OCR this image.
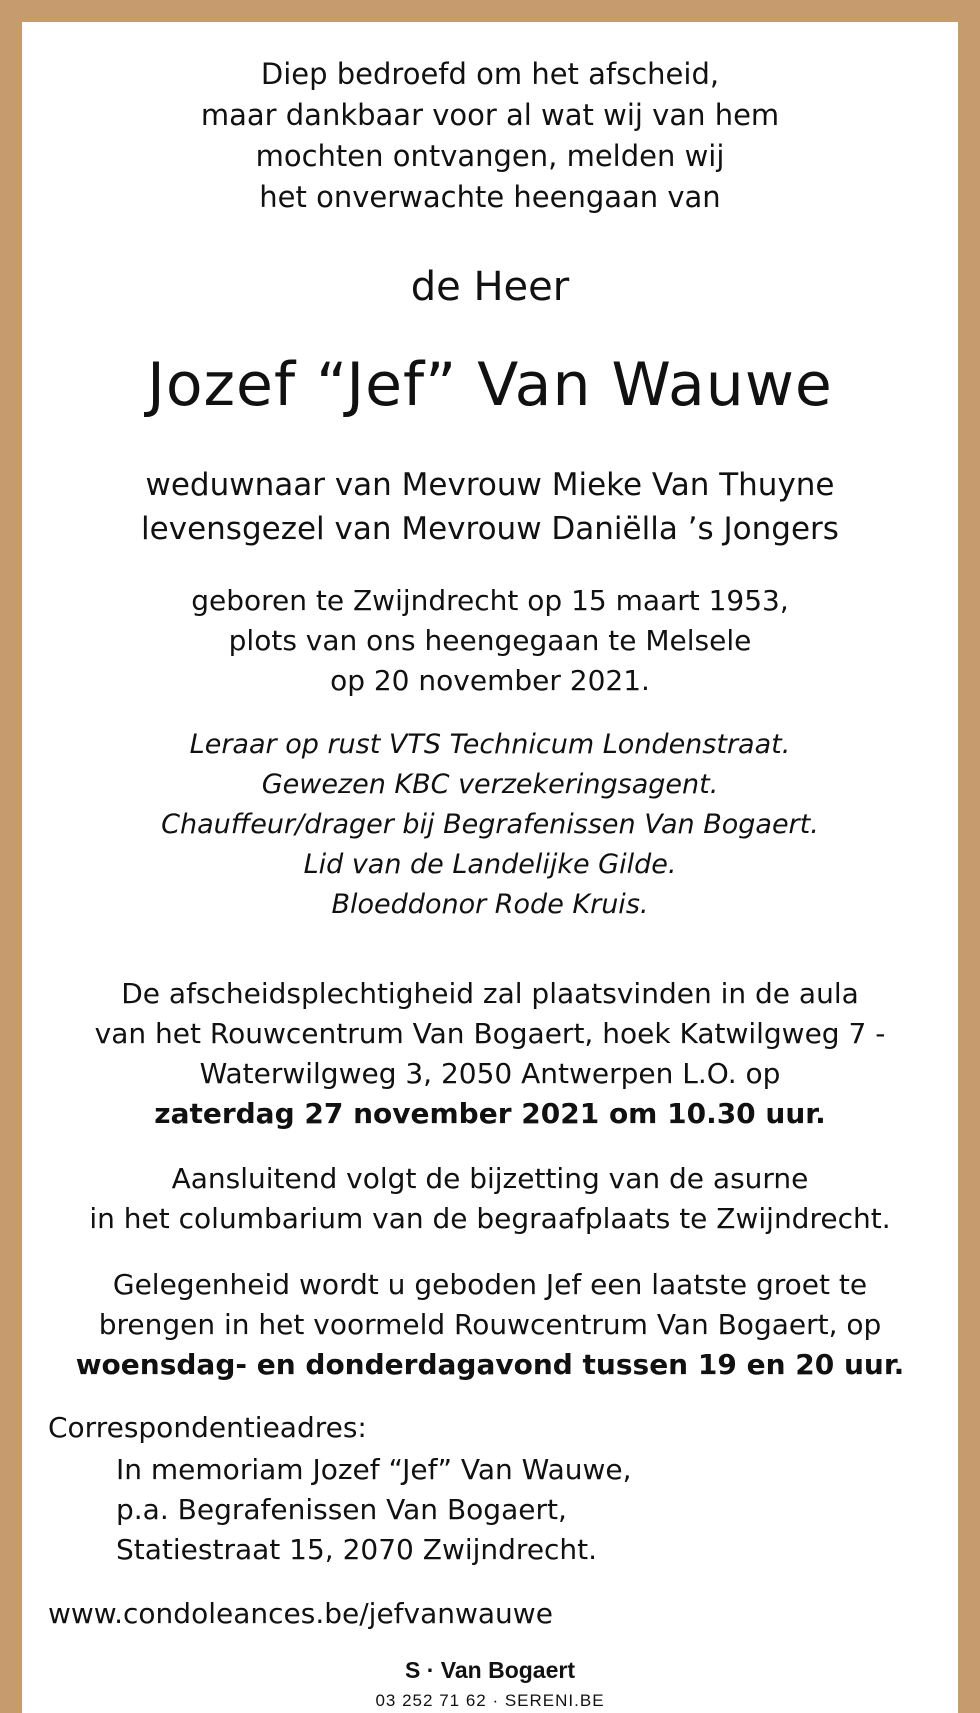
Diep bedroefd om het afscheid,
maar dankbaar voor al wat wij van hem
mochten ontvangen, melden wij
het onverwachte heengaan van
de Heer
Jozef “Jef” Van Wauwe
weduwnaar van Mevrouw Mieke Van Thuyne
levensgezel van Mevrouw Daniëlla ’s Jongers
geboren te Zwijndrecht op 15 maart 1953,
plots van ons heengegaan te Melsele
op 20 november 2021.
Leraar op rust VTS Technicum Londenstraat.
Gewezen KBC verzekeringsagent.
Chauffeur/drager bij Begrafenissen Van Bogaert.
Lid van de Landelijke Gilde.
Bloeddonor Rode Kruis.
De afscheidsplechtigheid zal plaatsvinden in de aula
van het Rouwcentrum Van Bogaert, hoek Katwilgweg 7 -
Waterwilgweg 3, 2050 Antwerpen L.O. op
zaterdag 27 november 2021 om 10.30 uur.
Aansluitend volgt de bijzetting van de asurne
in het columbarium van de begraafplaats te Zwijndrecht.
Gelegenheid wordt u geboden Jef een laatste groet te
brengen in het voormeld Rouwcentrum Van Bogaert, op
woensdag- en donderdagavond tussen 19 en 20 uur.
Correspondentieadres:
In memoriam Jozef “Jef” Van Wauwe,
p.a. Begrafenissen Van Bogaert,
Statiestraat 15, 2070 Zwijndrecht.
www.condoleances.be/jefvanwauwe
S · Van Bogaert
03 252 71 62 · SERENI.BE
